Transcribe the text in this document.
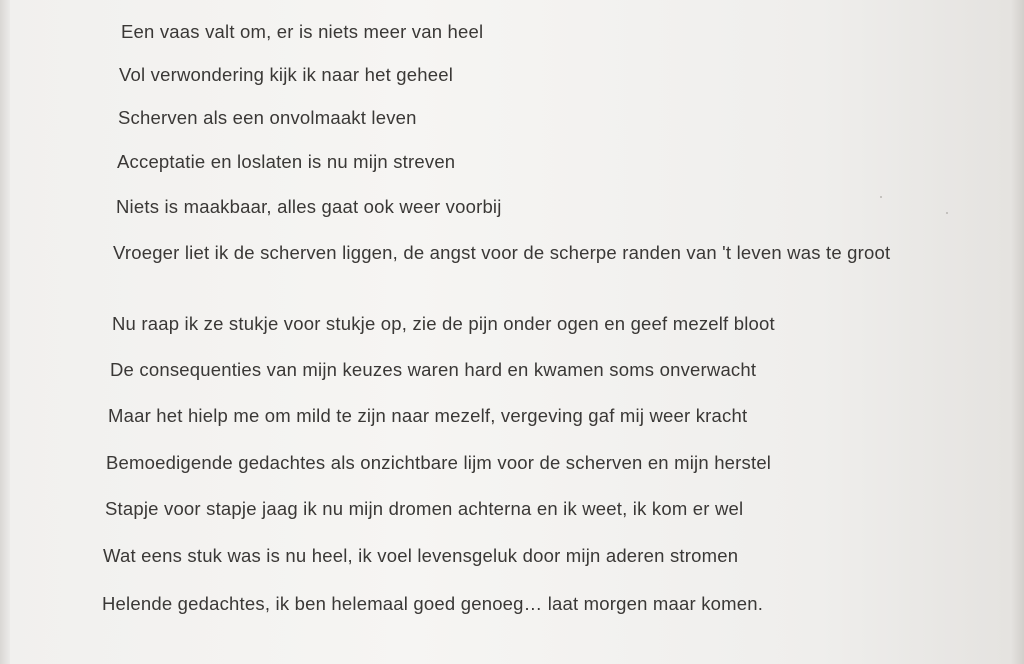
Een vaas valt om, er is niets meer van heel

Vol verwondering kijk ik naar het geheel

Scherven als een onvolmaakt leven

Acceptatie en loslaten is nu mijn streven

Niets is maakbaar, alles gaat ook weer voorbij

Vroeger liet ik de scherven liggen, de angst voor de scherpe randen van 't leven was te groot

Nu raap ik ze stukje voor stukje op, zie de pijn onder ogen en geef mezelf bloot

De consequenties van mijn keuzes waren hard en kwamen soms onverwacht

Maar het hielp me om mild te zijn naar mezelf, vergeving gaf mij weer kracht

Bemoedigende gedachtes als onzichtbare lijm voor de scherven en mijn herstel

Stapje voor stapje jaag ik nu mijn dromen achterna en ik weet, ik kom er wel

Wat eens stuk was is nu heel, ik voel levensgeluk door mijn aderen stromen

Helende gedachtes, ik ben helemaal goed genoeg… laat morgen maar komen.
